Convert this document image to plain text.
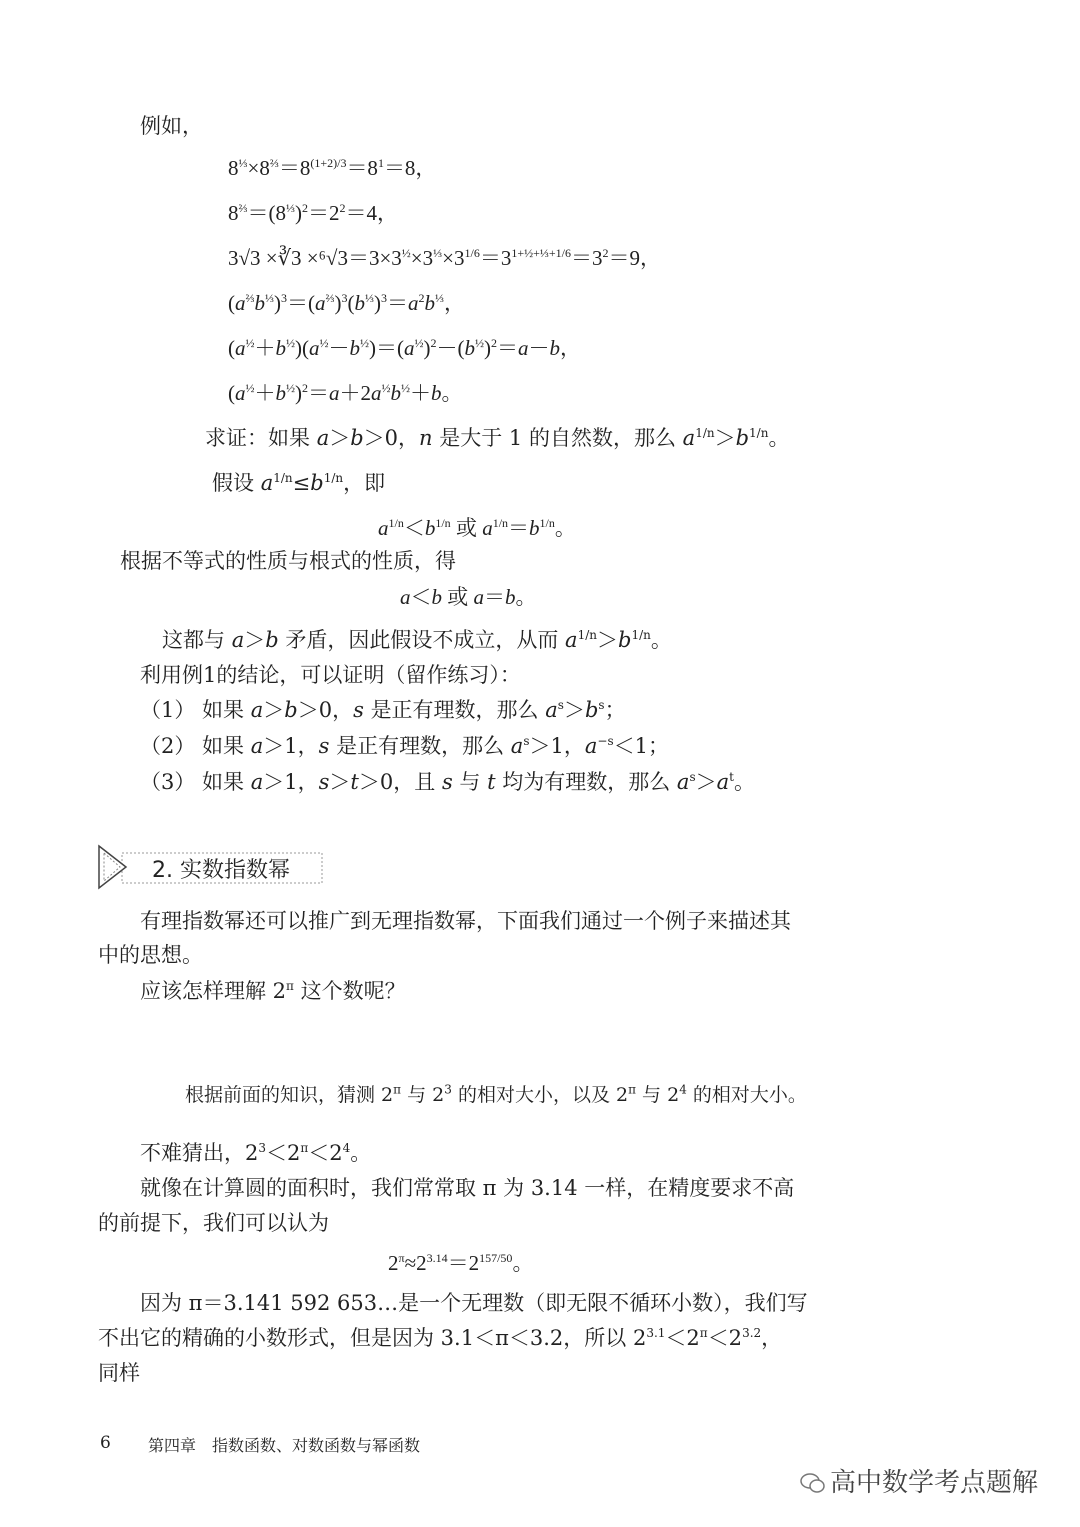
例如，
$8^{\frac{1}{3}}\times 8^{\frac{2}{3}}=8^{(1+2)/3}=8^1=8$，
$8^{\frac{2}{3}}=(8^{\frac{1}{3}})^2=2^2=4$，
3√3 ×∛3 $\times^6√3=3\times 3^{\frac{1}{2}}\times 3^{\frac{1}{3}}\times 3^{1/6}=3^{1+\frac{1}{2}+\frac{1}{3}+1/6}=3^2=9$，
$(a^{\frac{2}{3}}b^{\frac{1}{3}})^3=(a^{\frac{2}{3}})^3(b^{\frac{1}{3}})^3=a^2b^{\frac{1}{3}}$，
$(a^{\frac{1}{2}}+b^{\frac{1}{2}})(a^{\frac{1}{2}}-b^{\frac{1}{2}})=(a^{\frac{1}{2}})^2-(b^{\frac{1}{2}})^2=a-b$，
$(a^{\frac{1}{2}}+b^{\frac{1}{2}})^2=a+2a^{\frac{1}{2}}b^{\frac{1}{2}}+b$。
求证：如果 a＞b＞0，n 是大于 1 的自然数，那么 $a^{1/n}>b^{1/n}$。
假设 $a^{1/n}\le b^{1/n}$，即
$a^{1/n}<b^{1/n}$ 或 $a^{1/n}=b^{1/n}$。
根据不等式的性质与根式的性质，得
a＜b 或 a＝b。
这都与 a＞b 矛盾，因此假设不成立，从而 $a^{1/n}>b^{1/n}$。
利用例1的结论，可以证明（留作练习）：
（1） 如果 a＞b＞0，s 是正有理数，那么 $a^s>b^s$；
（2） 如果 a＞1，s 是正有理数，那么 $a^s>1$，$a^{-s}<1$；
（3） 如果 a＞1，s＞t＞0，且 s 与 t 均为有理数，那么 $a^s>a^t$。
2. 实数指数幂
有理指数幂还可以推广到无理指数幂，下面我们通过一个例子来描述其
中的思想。
应该怎样理解 $2^\pi$ 这个数呢？
根据前面的知识，猜测 $2^\pi$ 与 $2^3$ 的相对大小，以及 $2^\pi$ 与 $2^4$ 的相对大小。
不难猜出，$2^3<2^\pi<2^4$。
就像在计算圆的面积时，我们常常取 π 为 3.14 一样，在精度要求不高
的前提下，我们可以认为
$2^\pi\approx 2^{3.14}=2^{157/50}$。
因为 π＝3.141 592 653…是一个无理数（即无限不循环小数），我们写
不出它的精确的小数形式，但是因为 3.1＜π＜3.2，所以 $2^{3.1}<2^\pi<2^{3.2}$，
同样
6 第四章　指数函数、对数函数与幂函数
高中数学考点题解
